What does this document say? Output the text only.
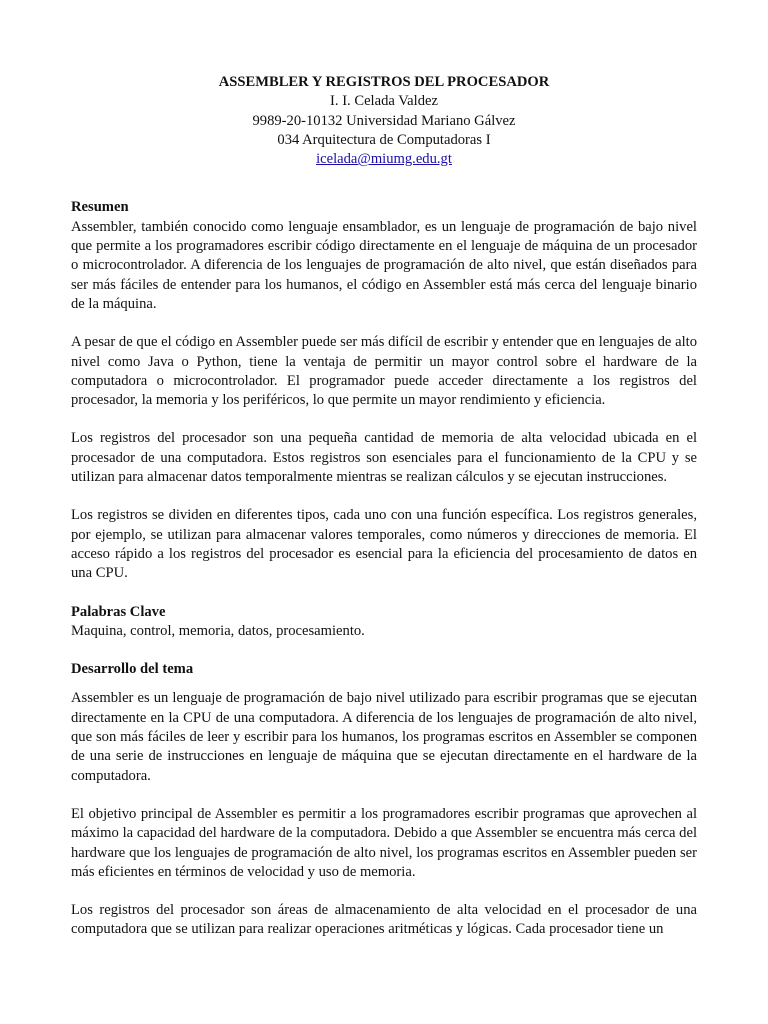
ASSEMBLER Y REGISTROS DEL PROCESADOR
I. I. Celada Valdez
9989-20-10132 Universidad Mariano Gálvez
034 Arquitectura de Computadoras I
icelada@miumg.edu.gt
Resumen

Assembler, también conocido como lenguaje ensamblador, es un lenguaje de programación de bajo nivel que permite a los programadores escribir código directamente en el lenguaje de máquina de un procesador o microcontrolador. A diferencia de los lenguajes de programación de alto nivel, que están diseñados para ser más fáciles de entender para los humanos, el código en Assembler está más cerca del lenguaje binario de la máquina.

A pesar de que el código en Assembler puede ser más difícil de escribir y entender que en lenguajes de alto nivel como Java o Python, tiene la ventaja de permitir un mayor control sobre el hardware de la computadora o microcontrolador. El programador puede acceder directamente a los registros del procesador, la memoria y los periféricos, lo que permite un mayor rendimiento y eficiencia.

Los registros del procesador son una pequeña cantidad de memoria de alta velocidad ubicada en el procesador de una computadora. Estos registros son esenciales para el funcionamiento de la CPU y se utilizan para almacenar datos temporalmente mientras se realizan cálculos y se ejecutan instrucciones.

Los registros se dividen en diferentes tipos, cada uno con una función específica. Los registros generales, por ejemplo, se utilizan para almacenar valores temporales, como números y direcciones de memoria. El acceso rápido a los registros del procesador es esencial para la eficiencia del procesamiento de datos en una CPU.

Palabras Clave

Maquina, control, memoria, datos, procesamiento.

Desarrollo del tema

Assembler es un lenguaje de programación de bajo nivel utilizado para escribir programas que se ejecutan directamente en la CPU de una computadora. A diferencia de los lenguajes de programación de alto nivel, que son más fáciles de leer y escribir para los humanos, los programas escritos en Assembler se componen de una serie de instrucciones en lenguaje de máquina que se ejecutan directamente en el hardware de la computadora.

El objetivo principal de Assembler es permitir a los programadores escribir programas que aprovechen al máximo la capacidad del hardware de la computadora. Debido a que Assembler se encuentra más cerca del hardware que los lenguajes de programación de alto nivel, los programas escritos en Assembler pueden ser más eficientes en términos de velocidad y uso de memoria.

Los registros del procesador son áreas de almacenamiento de alta velocidad en el procesador de una computadora que se utilizan para realizar operaciones aritméticas y lógicas. Cada procesador tiene un
